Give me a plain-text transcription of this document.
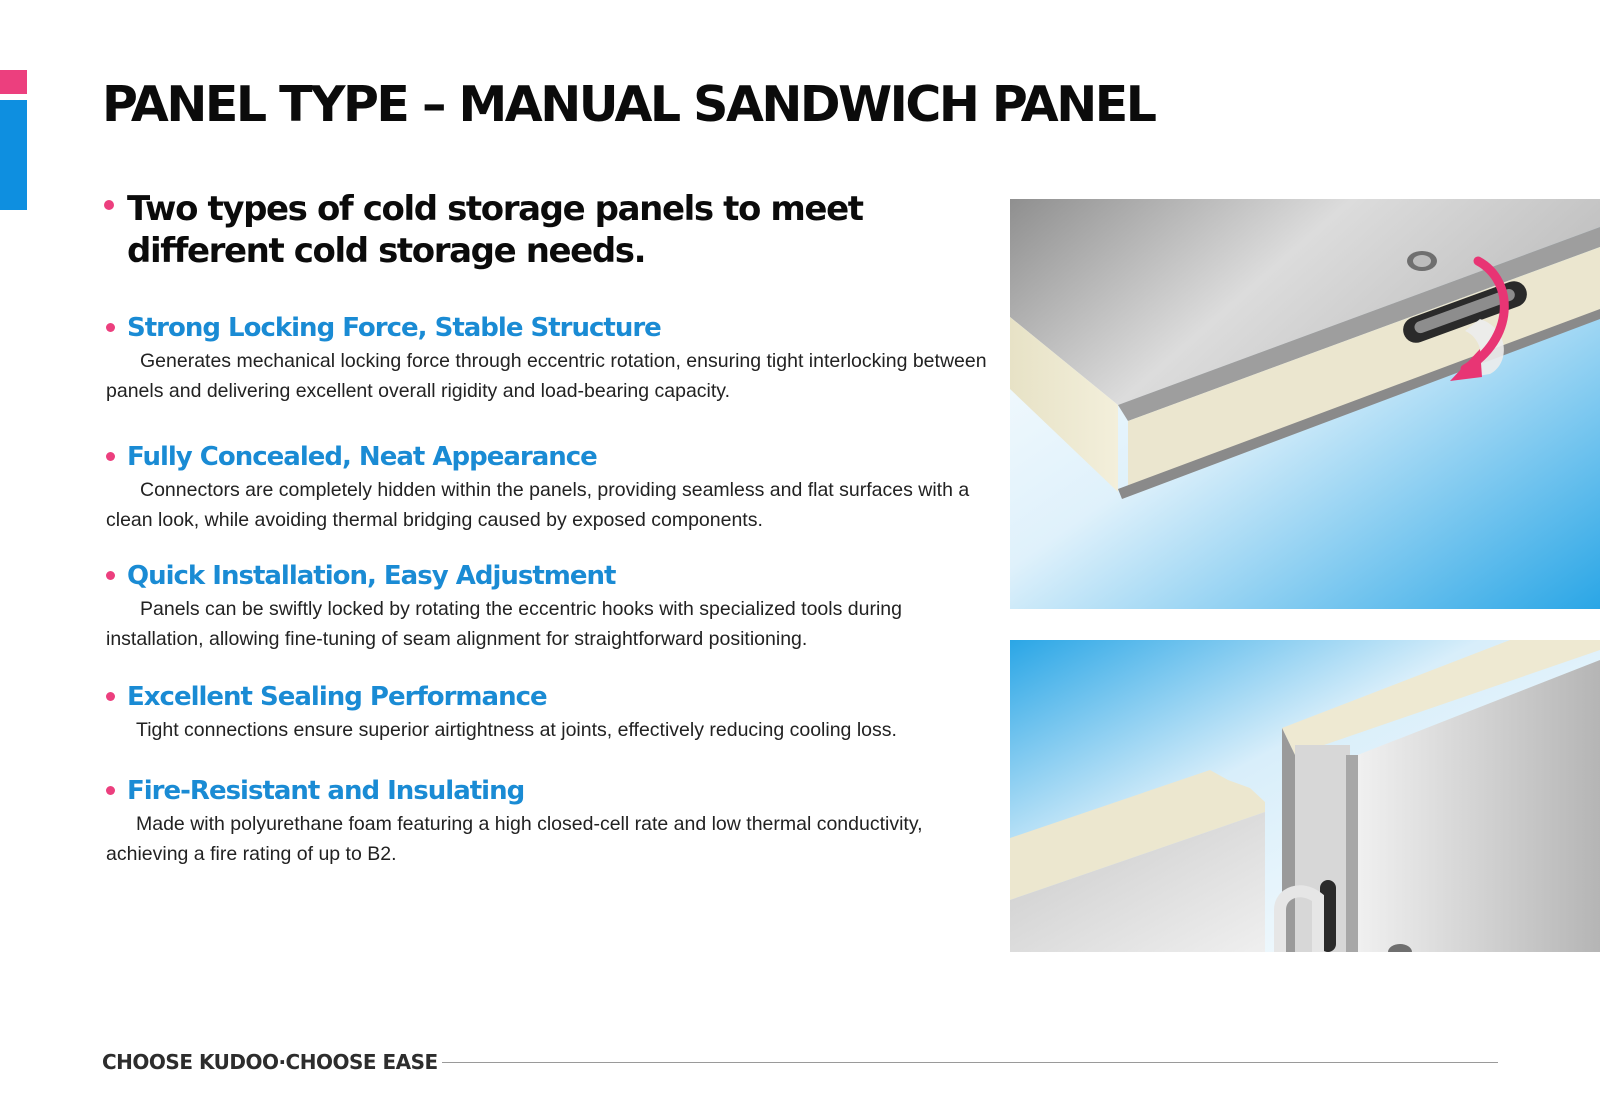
PANEL TYPE – MANUAL SANDWICH PANEL

Two types of cold storage panels to meet different cold storage needs.

Strong Locking Force, Stable Structure

Generates mechanical locking force through eccentric rotation, ensuring tight interlocking between panels and delivering excellent overall rigidity and load-bearing capacity.

Fully Concealed, Neat Appearance

Connectors are completely hidden within the panels, providing seamless and flat surfaces with a clean look, while avoiding thermal bridging caused by exposed components.

Quick Installation, Easy Adjustment

Panels can be swiftly locked by rotating the eccentric hooks with specialized tools during installation, allowing fine-tuning of seam alignment for straightforward positioning.

Excellent Sealing Performance

Tight connections ensure superior airtightness at joints, effectively reducing cooling loss.

Fire-Resistant and Insulating

Made with polyurethane foam featuring a high closed-cell rate and low thermal conductivity, achieving a fire rating of up to B2.

CHOOSE KUDOO·CHOOSE EASE
